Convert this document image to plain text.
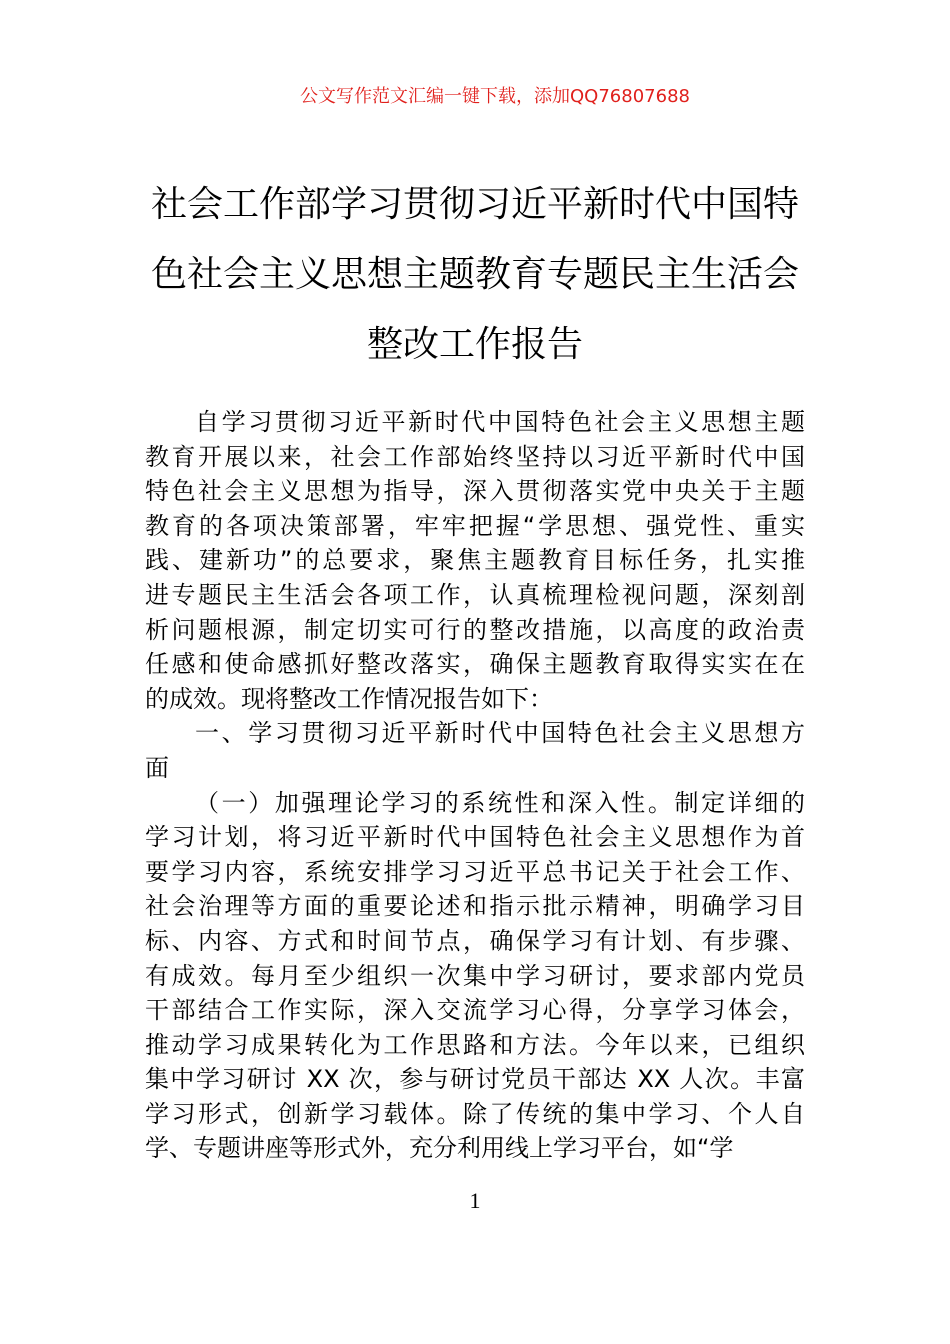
公文写作范文汇编一键下载，添加QQ76807688
社会工作部学习贯彻习近平新时代中国特
色社会主义思想主题教育专题民主生活会
整改工作报告
自学习贯彻习近平新时代中国特色社会主义思想主题
教育开展以来，社会工作部始终坚持以习近平新时代中国
特色社会主义思想为指导，深入贯彻落实党中央关于主题
教育的各项决策部署，牢牢把握“学思想、强党性、重实
践、建新功”的总要求，聚焦主题教育目标任务，扎实推
进专题民主生活会各项工作，认真梳理检视问题，深刻剖
析问题根源，制定切实可行的整改措施，以高度的政治责
任感和使命感抓好整改落实，确保主题教育取得实实在在
的成效。现将整改工作情况报告如下：
一、学习贯彻习近平新时代中国特色社会主义思想方
面
（一）加强理论学习的系统性和深入性。制定详细的
学习计划，将习近平新时代中国特色社会主义思想作为首
要学习内容，系统安排学习习近平总书记关于社会工作、
社会治理等方面的重要论述和指示批示精神，明确学习目
标、内容、方式和时间节点，确保学习有计划、有步骤、
有成效。每月至少组织一次集中学习研讨，要求部内党员
干部结合工作实际，深入交流学习心得，分享学习体会，
推动学习成果转化为工作思路和方法。今年以来，已组织
集中学习研讨 XX 次，参与研讨党员干部达 XX 人次。丰富
学习形式，创新学习载体。除了传统的集中学习、个人自
学、专题讲座等形式外，充分利用线上学习平台，如“学
1
